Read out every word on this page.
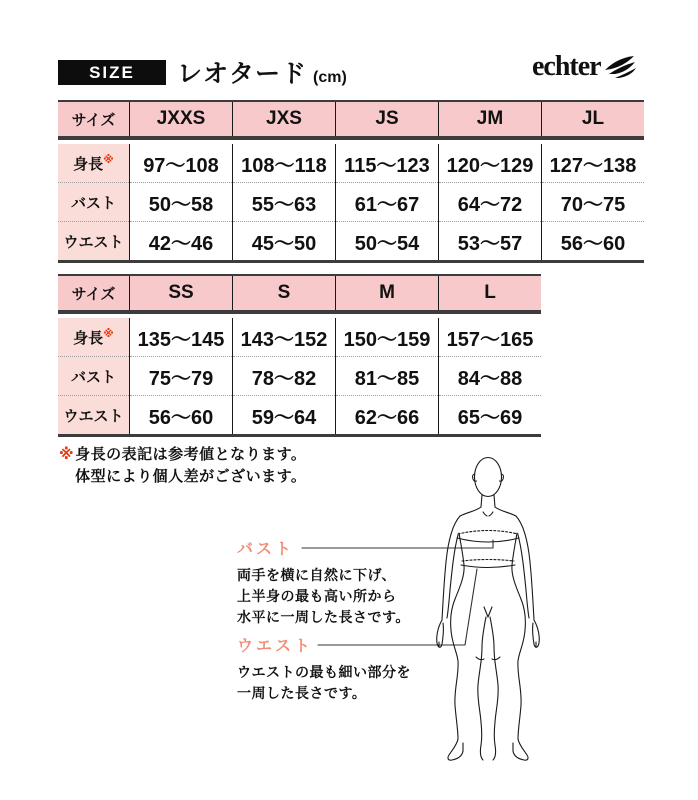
SIZE	レオタード (cm)	echter
サイズ	JXXS	JXS	JS	JM	JL

身長※	97〜108	108〜118	115〜123	120〜129	127〜138
バスト	50〜58	55〜63	61〜67	64〜72	70〜75
ウエスト	42〜46	45〜50	50〜54	53〜57	56〜60
サイズ	SS	S	M	L

身長※	135〜145	143〜152	150〜159	157〜165
バスト	75〜79	78〜82	81〜85	84〜88
ウエスト	56〜60	59〜64	62〜66	65〜69
※ 身長の表記は参考値となります。
体型により個人差がございます。
バスト
両手を横に自然に下げ、
上半身の最も高い所から
水平に一周した長さです。
ウエスト
ウエストの最も細い部分を
一周した長さです。
